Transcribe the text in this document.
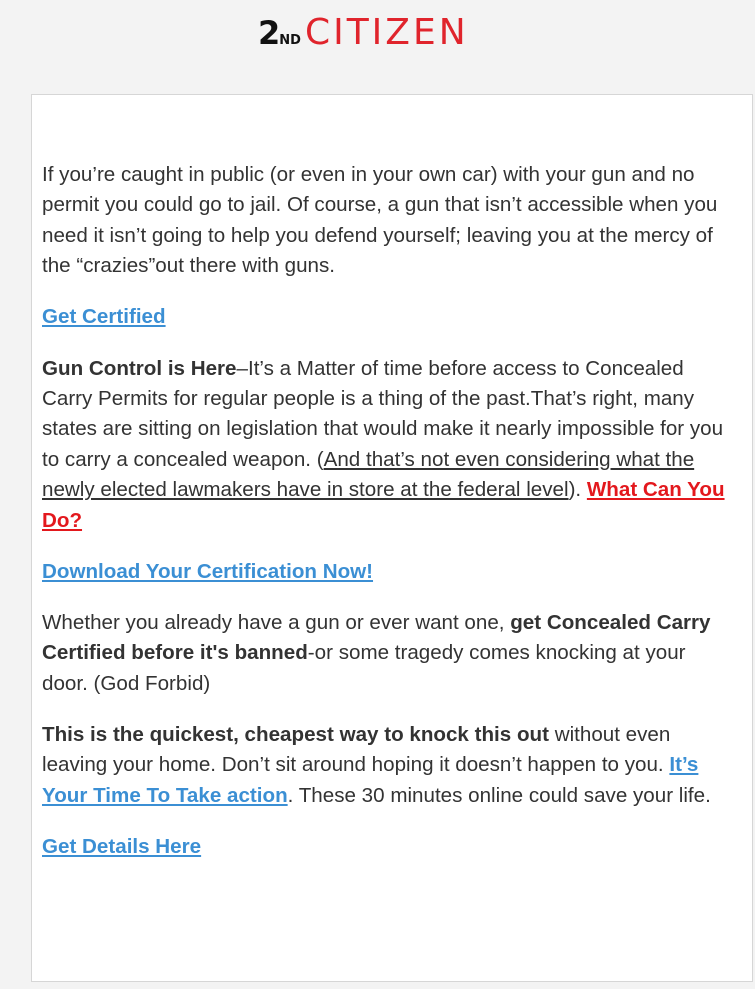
2 ND CITIZEN

If you’re caught in public (or even in your own car) with your gun and no permit you could go to jail. Of course, a gun that isn’t accessible when you need it isn’t going to help you defend yourself; leaving you at the mercy of the “crazies”out there with guns.

Get Certified

Gun Control is Here–It’s a Matter of time before access to Concealed Carry Permits for regular people is a thing of the past.That’s right, many states are sitting on legislation that would make it nearly impossible for you to carry a concealed weapon. (And that’s not even considering what the newly elected lawmakers have in store at the federal level). What Can You Do?

Download Your Certification Now!

Whether you already have a gun or ever want one, get Concealed Carry Certified before it's banned-or some tragedy comes knocking at your door. (God Forbid)

This is the quickest, cheapest way to knock this out without even leaving your home. Don’t sit around hoping it doesn’t happen to you. It’s Your Time To Take action. These 30 minutes online could save your life.

Get Details Here
